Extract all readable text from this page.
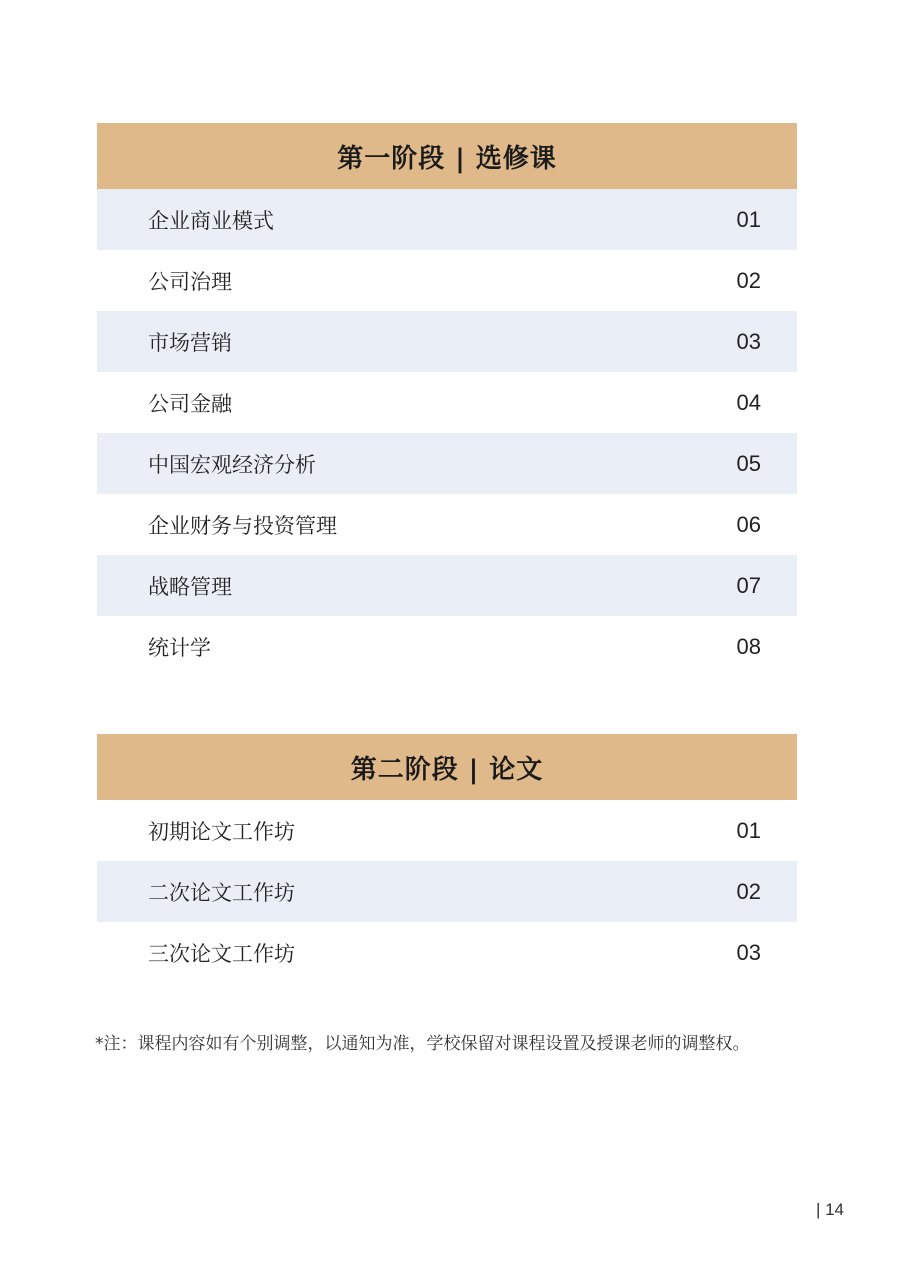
第一阶段 | 选修课
企业商业模式	01
公司治理	02
市场营销	03
公司金融	04
中国宏观经济分析	05
企业财务与投资管理	06
战略管理	07
统计学	08
第二阶段 | 论文
初期论文工作坊	01
二次论文工作坊	02
三次论文工作坊	03
*注：课程内容如有个别调整，以通知为准，学校保留对课程设置及授课老师的调整权。
| 14
